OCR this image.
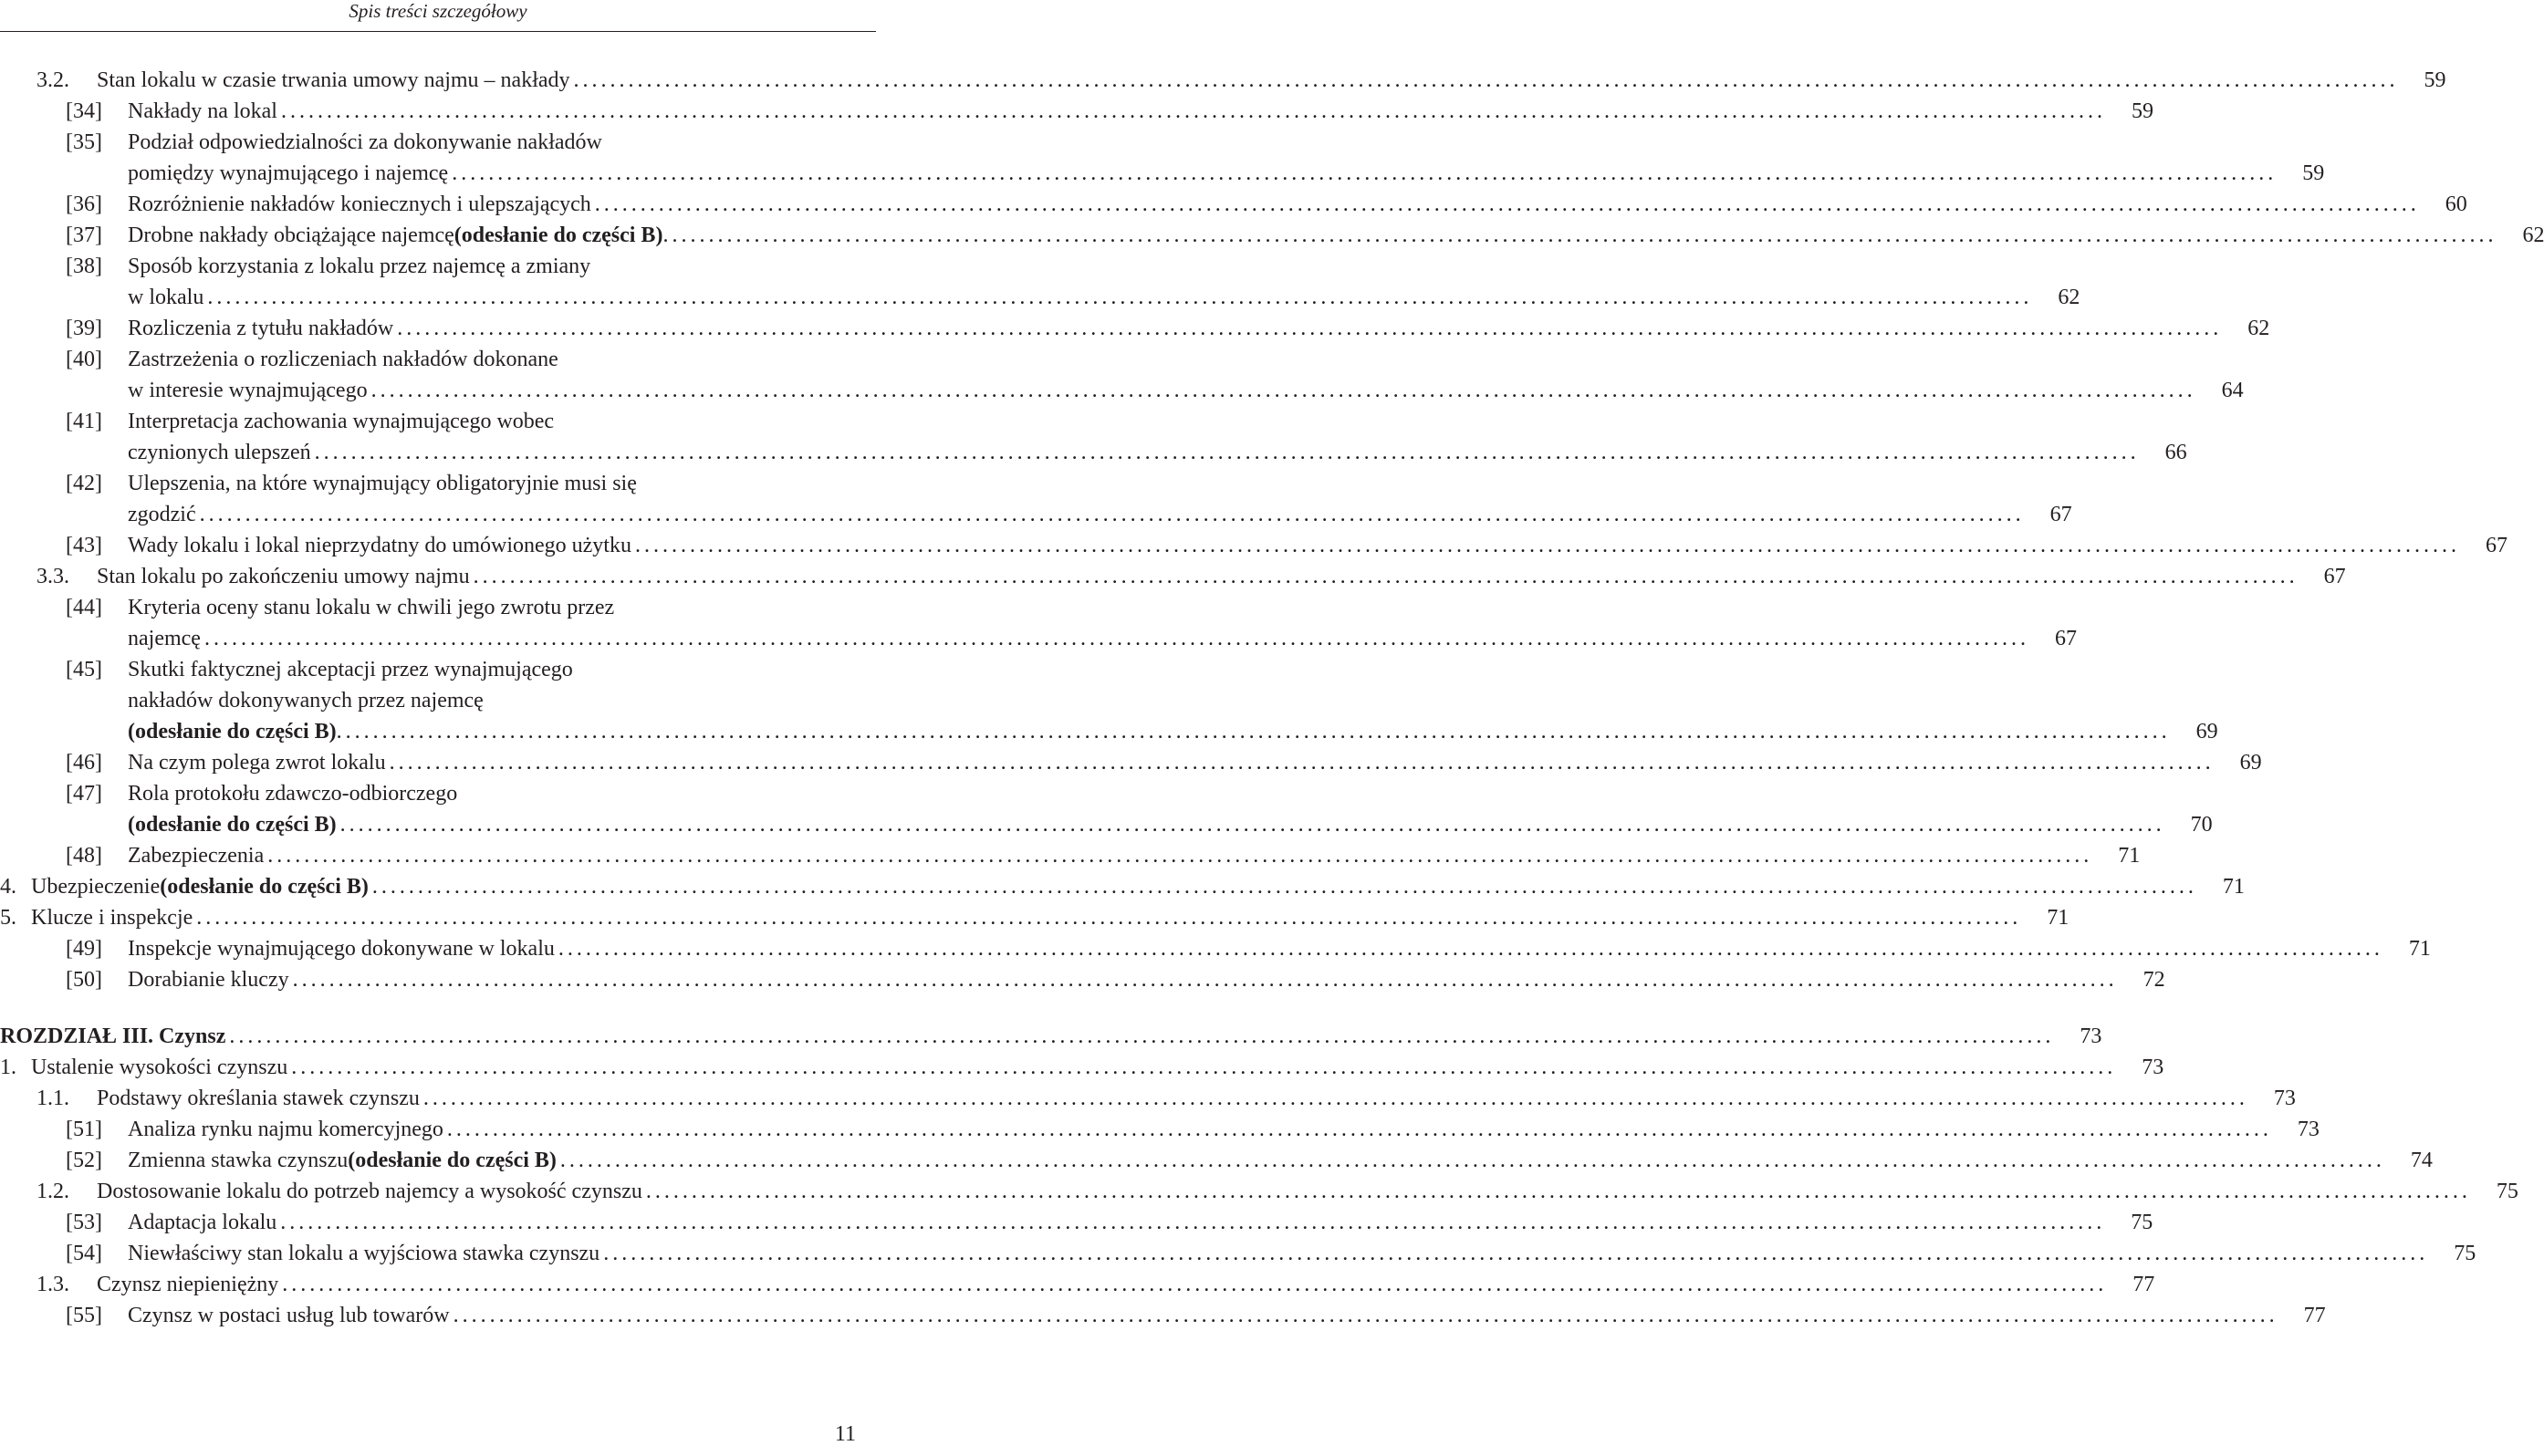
Spis treści szczegółowy
3.2. Stan lokalu w czasie trwania umowy najmu – nakłady ........................................................................................................................................................................................................	59
[34] Nakłady na lokal ........................................................................................................................................................................................................	59
[35]	Podział odpowiedzialności za dokonywanie nakładów
pomiędzy wynajmującego i najemcę ........................................................................................................................................................................................................	59
[36] Rozróżnienie nakładów koniecznych i ulepszających ........................................................................................................................................................................................................	60
[37] Drobne nakłady obciążające najemcę (odesłanie do części B) . ........................................................................................................................................................................................................	62
[38]	Sposób korzystania z lokalu przez najemcę a zmiany
w lokalu ........................................................................................................................................................................................................	62
[39] Rozliczenia z tytułu nakładów ........................................................................................................................................................................................................	62
[40]	Zastrzeżenia o rozliczeniach nakładów dokonane
w interesie wynajmującego ........................................................................................................................................................................................................	64
[41]	Interpretacja zachowania wynajmującego wobec
czynionych ulepszeń ........................................................................................................................................................................................................	66
[42]	Ulepszenia, na które wynajmujący obligatoryjnie musi się
zgodzić ........................................................................................................................................................................................................	67
[43] Wady lokalu i lokal nieprzydatny do umówionego użytku ........................................................................................................................................................................................................	67
3.3. Stan lokalu po zakończeniu umowy najmu ........................................................................................................................................................................................................	67
[44]	Kryteria oceny stanu lokalu w chwili jego zwrotu przez
najemcę ........................................................................................................................................................................................................	67
[45]	Skutki faktycznej akceptacji przez wynajmującego
nakładów dokonywanych przez najemcę
(odesłanie do części B) . ........................................................................................................................................................................................................	69
[46] Na czym polega zwrot lokalu ........................................................................................................................................................................................................	69
[47]	Rola protokołu zdawczo-odbiorczego
(odesłanie do części B) ........................................................................................................................................................................................................	70
[48] Zabezpieczenia ........................................................................................................................................................................................................	71
4. Ubezpieczenie (odesłanie do części B) ........................................................................................................................................................................................................	71
5. Klucze i inspekcje ........................................................................................................................................................................................................	71
[49] Inspekcje wynajmującego dokonywane w lokalu ........................................................................................................................................................................................................	71
[50] Dorabianie kluczy ........................................................................................................................................................................................................	72
ROZDZIAŁ III. Czynsz ........................................................................................................................................................................................................	73
1. Ustalenie wysokości czynszu ........................................................................................................................................................................................................	73
1.1. Podstawy określania stawek czynszu ........................................................................................................................................................................................................	73
[51] Analiza rynku najmu komercyjnego ........................................................................................................................................................................................................	73
[52] Zmienna stawka czynszu (odesłanie do części B) ........................................................................................................................................................................................................	74
1.2. Dostosowanie lokalu do potrzeb najemcy a wysokość czynszu ........................................................................................................................................................................................................	75
[53] Adaptacja lokalu ........................................................................................................................................................................................................	75
[54] Niewłaściwy stan lokalu a wyjściowa stawka czynszu ........................................................................................................................................................................................................	75
1.3. Czynsz niepieniężny ........................................................................................................................................................................................................	77
[55] Czynsz w postaci usług lub towarów ........................................................................................................................................................................................................	77
11
